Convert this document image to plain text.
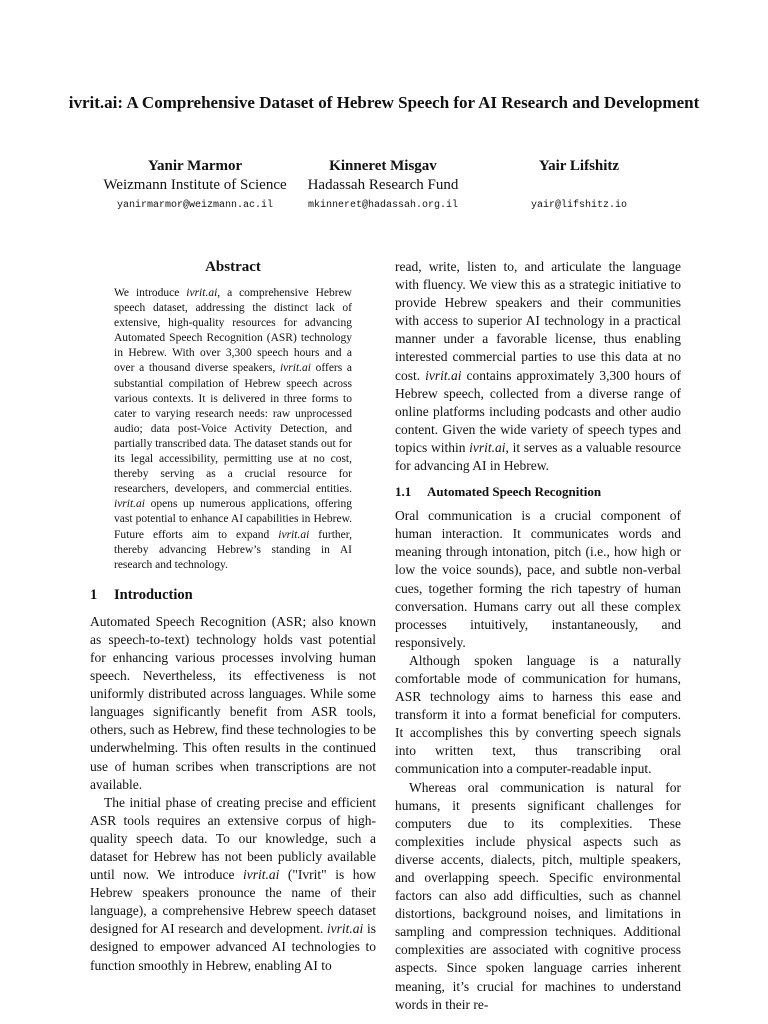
ivrit.ai: A Comprehensive Dataset of Hebrew Speech for AI Research and Development
Yanir Marmor
Weizmann Institute of Science
yanirmarmor@weizmann.ac.il
Kinneret Misgav
Hadassah Research Fund
mkinneret@hadassah.org.il
Yair Lifshitz
yair@lifshitz.io
Abstract

We introduce ivrit.ai, a comprehensive Hebrew speech dataset, addressing the distinct lack of extensive, high-quality resources for advancing Automated Speech Recognition (ASR) technology in Hebrew. With over 3,300 speech hours and a over a thousand diverse speakers, ivrit.ai offers a substantial compilation of Hebrew speech across various contexts. It is delivered in three forms to cater to varying research needs: raw unprocessed audio; data post-Voice Activity Detection, and partially transcribed data. The dataset stands out for its legal accessibility, permitting use at no cost, thereby serving as a crucial resource for researchers, developers, and commercial entities. ivrit.ai opens up numerous applications, offering vast potential to enhance AI capabilities in Hebrew. Future efforts aim to expand ivrit.ai further, thereby advancing Hebrew’s standing in AI research and technology.

1 Introduction

Automated Speech Recognition (ASR; also known as speech-to-text) technology holds vast potential for enhancing various processes involving human speech. Nevertheless, its effectiveness is not uniformly distributed across languages. While some languages significantly benefit from ASR tools, others, such as Hebrew, find these technologies to be underwhelming. This often results in the continued use of human scribes when transcriptions are not available.

The initial phase of creating precise and efficient ASR tools requires an extensive corpus of high-quality speech data. To our knowledge, such a dataset for Hebrew has not been publicly available until now. We introduce ivrit.ai ("Ivrit" is how Hebrew speakers pronounce the name of their language), a comprehensive Hebrew speech dataset designed for AI research and development. ivrit.ai is designed to empower advanced AI technologies to function smoothly in Hebrew, enabling AI to

read, write, listen to, and articulate the language with fluency. We view this as a strategic initiative to provide Hebrew speakers and their communities with access to superior AI technology in a practical manner under a favorable license, thus enabling interested commercial parties to use this data at no cost. ivrit.ai contains approximately 3,300 hours of Hebrew speech, collected from a diverse range of online platforms including podcasts and other audio content. Given the wide variety of speech types and topics within ivrit.ai, it serves as a valuable resource for advancing AI in Hebrew.

1.1 Automated Speech Recognition

Oral communication is a crucial component of human interaction. It communicates words and meaning through intonation, pitch (i.e., how high or low the voice sounds), pace, and subtle non-verbal cues, together forming the rich tapestry of human conversation. Humans carry out all these complex processes intuitively, instantaneously, and responsively.

Although spoken language is a naturally comfortable mode of communication for humans, ASR technology aims to harness this ease and transform it into a format beneficial for computers. It accomplishes this by converting speech signals into written text, thus transcribing oral communication into a computer-readable input.

Whereas oral communication is natural for humans, it presents significant challenges for computers due to its complexities. These complexities include physical aspects such as diverse accents, dialects, pitch, multiple speakers, and overlapping speech. Specific environmental factors can also add difficulties, such as channel distortions, background noises, and limitations in sampling and compression techniques. Additional complexities are associated with cognitive process aspects. Since spoken language carries inherent meaning, it’s crucial for machines to understand words in their re-
